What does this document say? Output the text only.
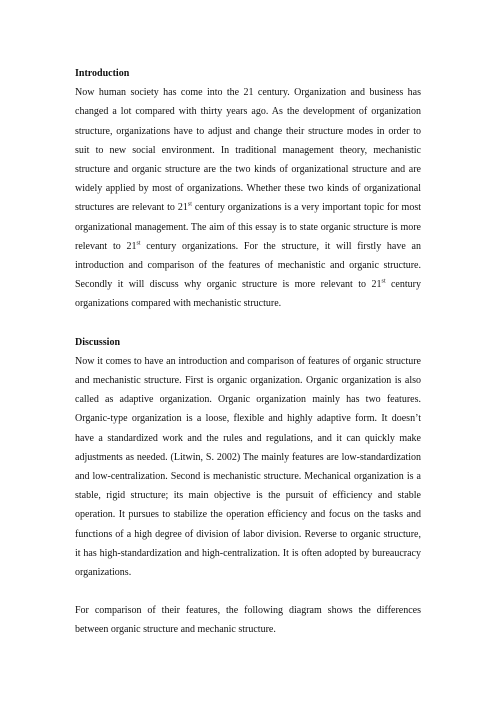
Introduction

Now human society has come into the 21 century. Organization and business has changed a lot compared with thirty years ago. As the development of organization structure, organizations have to adjust and change their structure modes in order to suit to new social environment. In traditional management theory, mechanistic structure and organic structure are the two kinds of organizational structure and are widely applied by most of organizations. Whether these two kinds of organizational structures are relevant to 21st century organizations is a very important topic for most organizational management. The aim of this essay is to state organic structure is more relevant to 21st century organizations. For the structure, it will firstly have an introduction and comparison of the features of mechanistic and organic structure. Secondly it will discuss why organic structure is more relevant to 21st century organizations compared with mechanistic structure.

Discussion

Now it comes to have an introduction and comparison of features of organic structure and mechanistic structure. First is organic organization. Organic organization is also called as adaptive organization. Organic organization mainly has two features. Organic-type organization is a loose, flexible and highly adaptive form. It doesn’t have a standardized work and the rules and regulations, and it can quickly make adjustments as needed. (Litwin, S. 2002) The mainly features are low-standardization and low-centralization. Second is mechanistic structure. Mechanical organization is a stable, rigid structure; its main objective is the pursuit of efficiency and stable operation. It pursues to stabilize the operation efficiency and focus on the tasks and functions of a high degree of division of labor division. Reverse to organic structure, it has high-standardization and high-centralization. It is often adopted by bureaucracy organizations.

For comparison of their features, the following diagram shows the differences between organic structure and mechanic structure.
